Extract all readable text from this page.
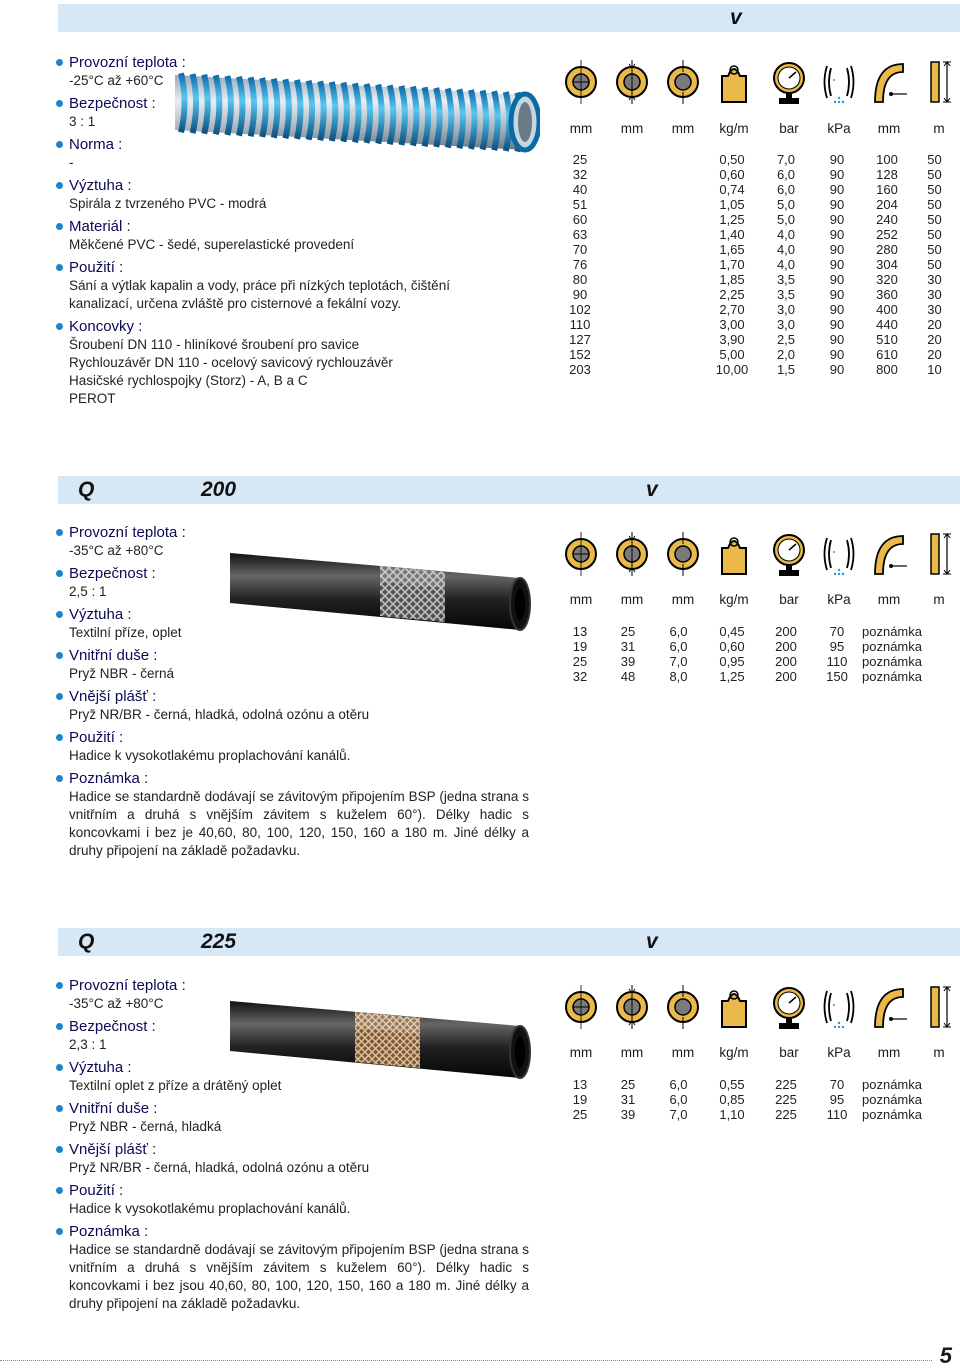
v
Provozní teplota :
-25°C až +60°C
Bezpečnost :
3 : 1
Norma :
-
Výztuha :
Spirála z tvrzeného PVC - modrá
Materiál :
Měkčené PVC - šedé, superelastické provedení
Použití :
Sání a výtlak kapalin a vody, práce při nízkých teplotách, čištění kanalizací, určena zvláště pro cisternové a fekální vozy.
Koncovky :
Šroubení DN 110 - hliníkové šroubení pro savice
Rychlouzávěr DN 110 - ocelový savicový rychlouzávěr
Hasičské rychlospojky (Storz) - A, B a C
PEROT
mm	mm	mm	kg/m	bar	kPa	mm	m
25			0,50	7,0	90	100	50
32			0,60	6,0	90	128	50
40			0,74	6,0	90	160	50
51			1,05	5,0	90	204	50
60			1,25	5,0	90	240	50
63			1,40	4,0	90	252	50
70			1,65	4,0	90	280	50
76			1,70	4,0	90	304	50
80			1,85	3,5	90	320	30
90			2,25	3,5	90	360	30
102			2,70	3,0	90	400	30
110			3,00	3,0	90	440	20
127			3,90	2,5	90	510	20
152			5,00	2,0	90	610	20
203			10,00	1,5	90	800	10
Q	200	v
Provozní teplota :
-35°C až +80°C
Bezpečnost :
2,5 : 1
Výztuha :
Textilní příze, oplet
Vnitřní duše :
Pryž NBR - černá
Vnější plášť :
Pryž NR/BR - černá, hladká, odolná ozónu a otěru
Použití :
Hadice k vysokotlakému proplachování kanálů.
Poznámka :
Hadice se standardně dodávají se závitovým připojením BSP (jedna strana s vnitřním a druhá s vnějším závitem s kuželem 60°). Délky hadic s koncovkami i bez je 40,60, 80, 100, 120, 150, 160 a 180 m. Jiné délky a druhy připojení na základě požadavku.
mm	mm	mm	kg/m	bar	kPa	mm	m
13	25	6,0	0,45	200	70	poznámka
19	31	6,0	0,60	200	95	poznámka
25	39	7,0	0,95	200	110	poznámka
32	48	8,0	1,25	200	150	poznámka
Q	225	v
Provozní teplota :
-35°C až +80°C
Bezpečnost :
2,3 : 1
Výztuha :
Textilní oplet z příze a drátěný oplet
Vnitřní duše :
Pryž NBR - černá, hladká
Vnější plášť :
Pryž NR/BR - černá, hladká, odolná ozónu a otěru
Použití :
Hadice k vysokotlakému proplachování kanálů.
Poznámka :
Hadice se standardně dodávají se závitovým připojením BSP (jedna strana s vnitřním a druhá s vnějším závitem s kuželem 60°). Délky hadic s koncovkami i bez jsou 40,60, 80, 100, 120, 150, 160 a 180 m. Jiné délky a druhy připojení na základě požadavku.
mm	mm	mm	kg/m	bar	kPa	mm	m
13	25	6,0	0,55	225	70	poznámka
19	31	6,0	0,85	225	95	poznámka
25	39	7,0	1,10	225	110	poznámka
5
